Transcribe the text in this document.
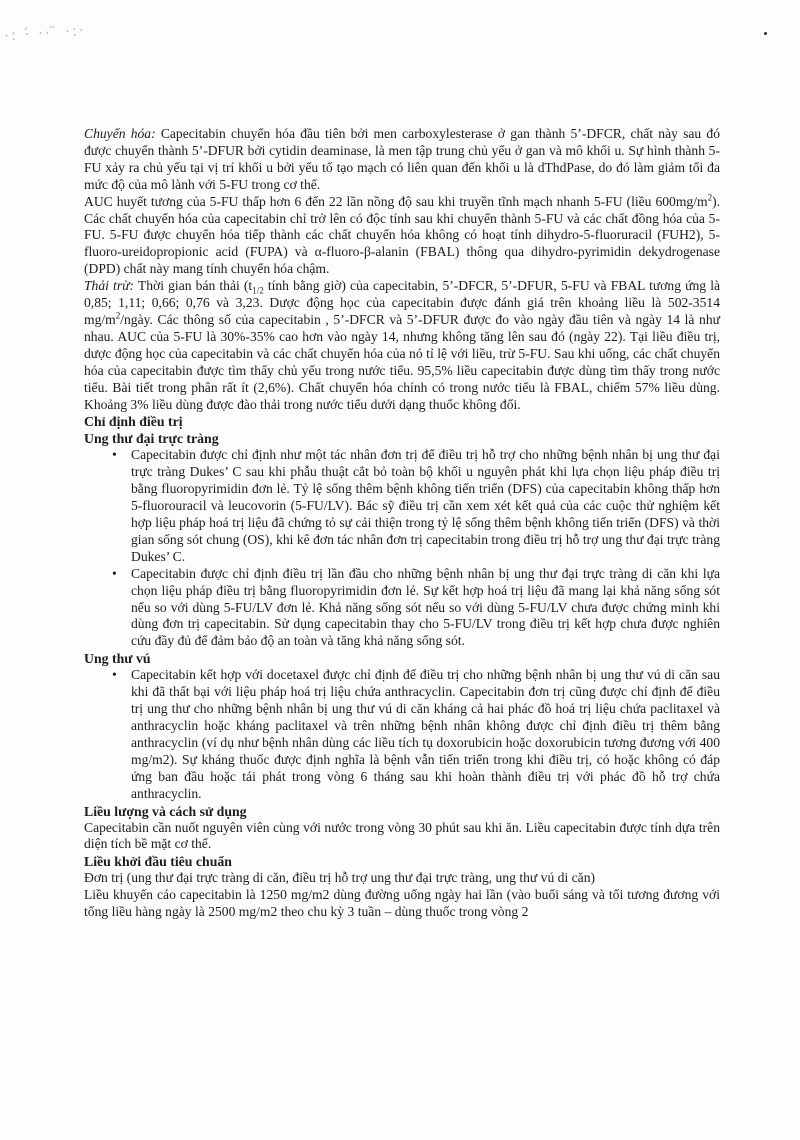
·: ·́ ·· ̈ ·:·

Chuyển hóa: Capecitabin chuyển hóa đầu tiên bởi men carboxylesterase ở gan thành 5’-DFCR, chất này sau đó được chuyển thành 5’-DFUR bởi cytidin deaminase, là men tập trung chủ yếu ở gan và mô khối u. Sự hình thành 5-FU xảy ra chủ yếu tại vị trí khối u bởi yếu tố tạo mạch có liên quan đến khối u là dThdPase, do đó làm giảm tối đa mức độ của mô lành với 5-FU trong cơ thể.

AUC huyết tương của 5-FU thấp hơn 6 đến 22 lần nồng độ sau khi truyền tĩnh mạch nhanh 5-FU (liều $600mg/m^2$). Các chất chuyển hóa của capecitabin chỉ trở lên có độc tính sau khi chuyển thành 5-FU và các chất đồng hóa của 5-FU. 5-FU được chuyển hóa tiếp thành các chất chuyển hóa không có hoạt tính dihydro-5-fluoruracil (FUH2), 5-fluoro-ureidopropionic acid (FUPA) và α-fluoro-β-alanin (FBAL) thông qua dihydro-pyrimidin dekydrogenase (DPD) chất này mang tính chuyển hóa chậm.

Thải trừ: Thời gian bán thải ($t_{1/2}$ tính bằng giờ) của capecitabin, 5’-DFCR, 5’-DFUR, 5-FU và FBAL tương ứng là 0,85; 1,11; 0,66; 0,76 và 3,23. Dược động học của capecitabin được đánh giá trên khoảng liều là 502-3514 $mg/m^2$/ngày. Các thông số của capecitabin , 5’-DFCR và 5’-DFUR được đo vào ngày đầu tiên và ngày 14 là như nhau. AUC của 5-FU là 30%-35% cao hơn vào ngày 14, nhưng không tăng lên sau đó (ngày 22). Tại liều điều trị, dược động học của capecitabin và các chất chuyển hóa của nó tỉ lệ với liều, trừ 5-FU. Sau khi uống, các chất chuyển hóa của capecitabin được tìm thấy chủ yếu trong nước tiểu. 95,5% liều capecitabin được dùng tìm thấy trong nước tiểu. Bài tiết trong phân rất ít (2,6%). Chất chuyển hóa chính có trong nước tiểu là FBAL, chiếm 57% liều dùng. Khoảng 3% liều dùng được đào thải trong nước tiểu dưới dạng thuốc không đổi.

Chỉ định điều trị
Ung thư đại trực tràng
• Capecitabin được chỉ định như một tác nhân đơn trị để điều trị hỗ trợ cho những bệnh nhân bị ung thư đại trực tràng Dukes’ C sau khi phẫu thuật cắt bỏ toàn bộ khối u nguyên phát khi lựa chọn liệu pháp điều trị bằng fluoropyrimidin đơn lẻ. Tỷ lệ sống thêm bệnh không tiến triển (DFS) của capecitabin không thấp hơn 5-fluorouracil và leucovorin (5-FU/LV). Bác sỹ điều trị cần xem xét kết quả của các cuộc thử nghiệm kết hợp liệu pháp hoá trị liệu đã chứng tỏ sự cải thiện trong tỷ lệ sống thêm bệnh không tiến triển (DFS) và thời gian sống sót chung (OS), khi kê đơn tác nhân đơn trị capecitabin trong điều trị hỗ trợ ung thư đại trực tràng Dukes’ C.
• Capecitabin được chỉ định điều trị lần đầu cho những bệnh nhân bị ung thư đại trực tràng di căn khi lựa chọn liệu pháp điều trị bằng fluoropyrimidin đơn lẻ. Sự kết hợp hoá trị liệu đã mang lại khả năng sống sót nếu so với dùng 5-FU/LV đơn lẻ. Khả năng sống sót nếu so với dùng 5-FU/LV chưa được chứng minh khi dùng đơn trị capecitabin. Sử dụng capecitabin thay cho 5-FU/LV trong điều trị kết hợp chưa được nghiên cứu đầy đủ để đảm bảo độ an toàn và tăng khả năng sống sót.
Ung thư vú
• Capecitabin kết hợp với docetaxel được chỉ định để điều trị cho những bệnh nhân bị ung thư vú di căn sau khi đã thất bại với liệu pháp hoá trị liệu chứa anthracyclin. Capecitabin đơn trị cũng được chỉ định để điều trị ung thư cho những bệnh nhân bị ung thư vú di căn kháng cả hai phác đồ hoá trị liệu chứa paclitaxel và anthracyclin hoặc kháng paclitaxel và trên những bệnh nhân không được chỉ định điều trị thêm bằng anthracyclin (ví dụ như bệnh nhân dùng các liều tích tụ doxorubicin hoặc doxorubicin tương đương với 400 mg/m2). Sự kháng thuốc được định nghĩa là bệnh vẫn tiến triển trong khi điều trị, có hoặc không có đáp ứng ban đầu hoặc tái phát trong vòng 6 tháng sau khi hoàn thành điều trị với phác đồ hỗ trợ chứa anthracyclin.
Liều lượng và cách sử dụng

Capecitabin cần nuốt nguyên viên cùng với nước trong vòng 30 phút sau khi ăn. Liều capecitabin được tính dựa trên diện tích bề mặt cơ thể.

Liều khởi đầu tiêu chuẩn

Đơn trị (ung thư đại trực tràng di căn, điều trị hỗ trợ ung thư đại trực tràng, ung thư vú di căn)

Liều khuyến cáo capecitabin là 1250 mg/m2 dùng đường uống ngày hai lần (vào buổi sáng và tối tương đương với tổng liều hàng ngày là 2500 mg/m2 theo chu kỳ 3 tuần – dùng thuốc trong vòng 2
